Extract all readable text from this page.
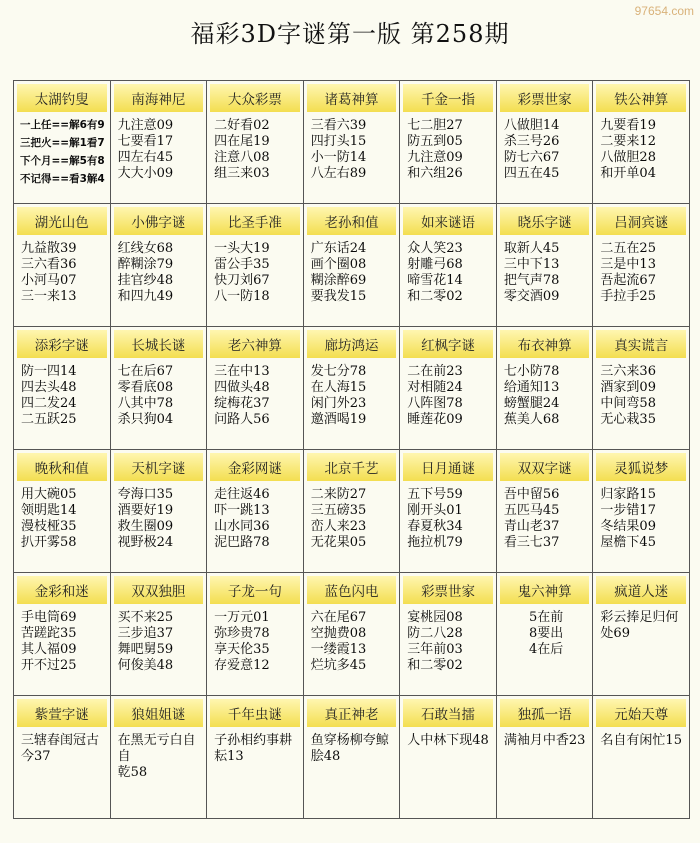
97654.com
福彩3D字谜第一版 第258期
太湖钓叟
一上任==解6有9
三把火==解1看7
下个月==解5有8
不记得==看3解4
南海神尼
九注意09
七要看17
四左右45
大大小09
大众彩票
二好看02
四在尾19
注意八08
组三来03
诸葛神算
三看六39
四打头15
小一防14
八左右89
千金一指
七二胆27
防五到05
九注意09
和六组26
彩票世家
八做胆14
杀三号26
防七六67
四五在45
铁公神算
九要看19
二要来12
八做胆28
和开单04
湖光山色
九益散39
三六看36
小河马07
三一来13
小佛字谜
红线女68
醉糊涂79
挂官纱48
和四九49
比圣手准
一头大19
雷公手35
快刀刘67
八一防18
老孙和值
广东话24
画个圈08
糊涂醉69
要我发15
如来谜语
众人笑23
射雕弓68
啼雪花14
和二零02
晓乐字谜
取新人45
三中下13
把气声78
零交酒09
吕洞宾谜
二五在25
三是中13
吾起流67
手拉手25
添彩字谜
防一四14
四去头48
四二发24
二五跃25
长城长谜
七在后67
零看底08
八其中78
杀只狗04
老六神算
三在中13
四做头48
绽梅花37
问路人56
廊坊鸿运
发七分78
在人海15
闲门外23
邀酒喝19
红枫字谜
二在前23
对相随24
八阵图78
睡莲花09
布衣神算
七小防78
给通知13
螃蟹腿24
蕉美人68
真实谎言
三六来36
酒家到09
中间弯58
无心栽35
晚秋和值
用大碗05
领明匙14
漫枝桠35
扒开雾58
天机字谜
夸海口35
酒要好19
救生圈09
视野极24
金彩网谜
走往返46
吓一跳13
山水同36
泥巴路78
北京千艺
二来防27
三五磅35
峦人来23
无花果05
日月通谜
五下号59
刚开头01
春夏秋34
拖拉机79
双双字谜
吾中留56
五匹马45
青山老37
看三七37
灵狐说梦
归家路15
一步错17
冬结果09
屋檐下45
金彩和迷
手电筒69
苦蹉跎35
其人福09
开不过25
双双独胆
买不来25
三步追37
舞吧舅59
何俊美48
子龙一句
一万元01
弥珍贵78
享天伦35
存爱意12
蓝色闪电
六在尾67
空抛费08
一缕霞13
烂坑多45
彩票世家
宴桃园08
防二八28
三年前03
和二零02
鬼六神算
5在前
8要出
4在后
疯道人迷
彩云捧足归何
处69
紫萱字谜
三辖春闺冠古
今37
狼姐姐谜
在黑无亏白自自
乾58
千年虫谜
子孙相约事耕
耘13
真正神老
鱼穿杨柳夸鲸
脍48
石敢当擂
人中林下现48
独孤一语
满袖月中香23
元始天尊
名自有闲忙15
